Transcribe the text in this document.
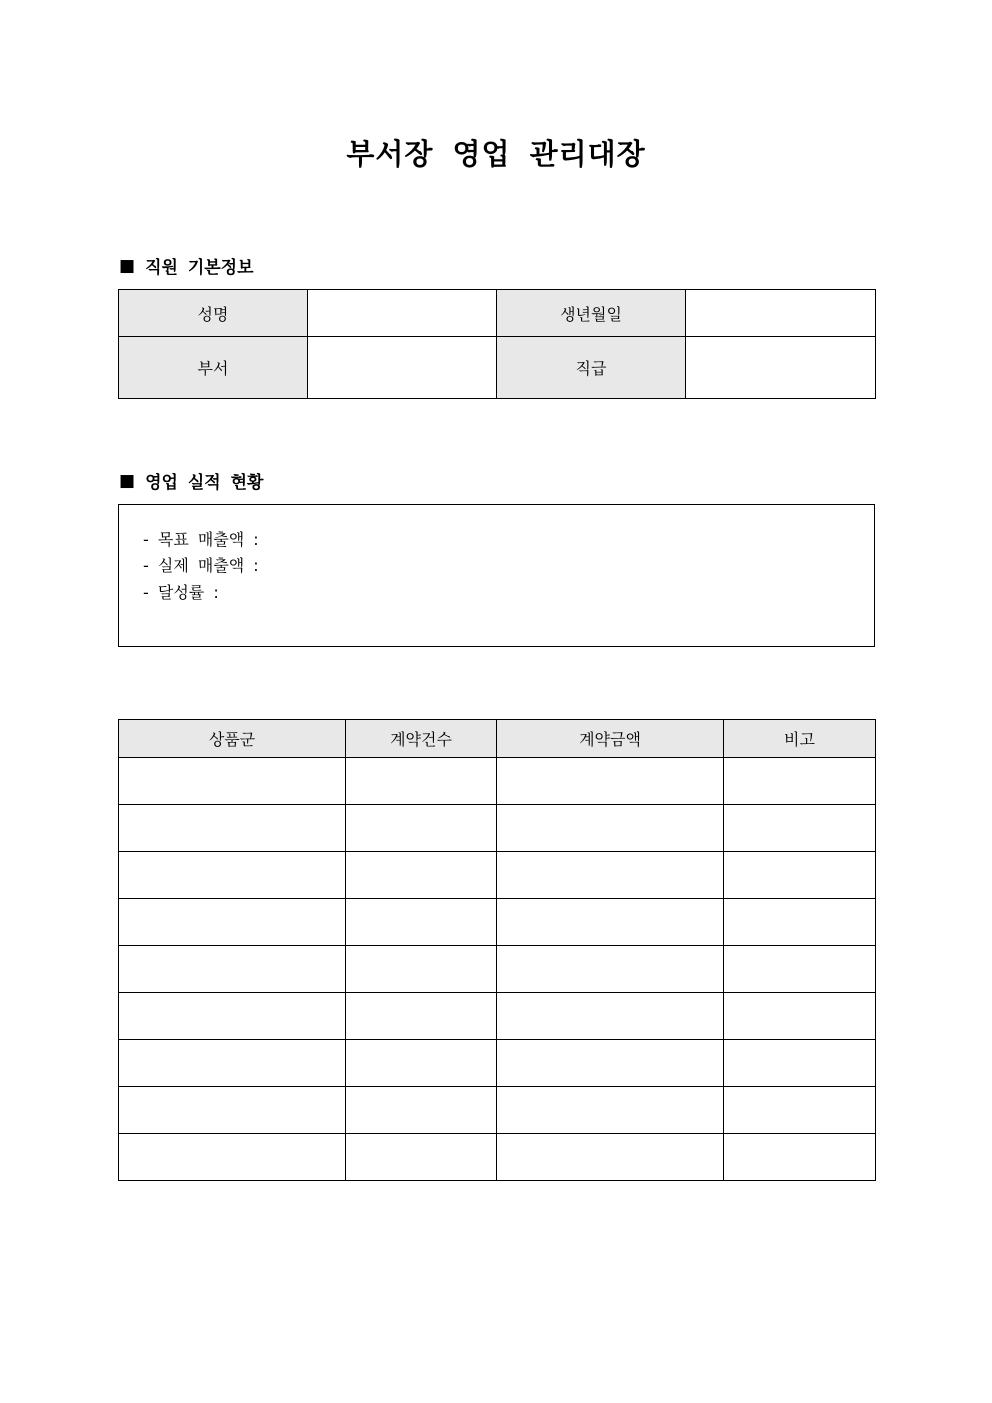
부서장 영업 관리대장
■ 직원 기본정보
성명		생년월일	
부서		직급	
■ 영업 실적 현황
- 목표 매출액 :
- 실제 매출액 :
- 달성률 :
상품군	계약건수	계약금액	비고
